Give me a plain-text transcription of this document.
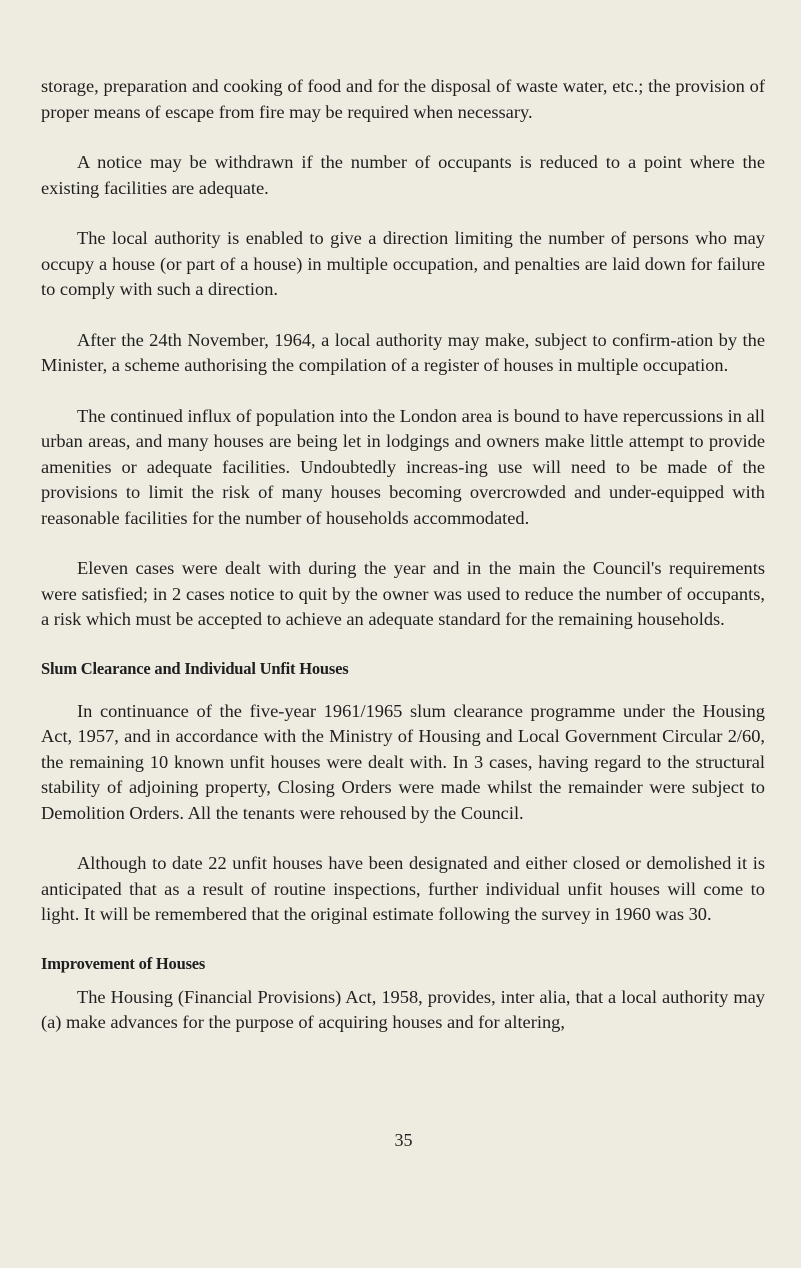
storage, preparation and cooking of food and for the disposal of waste water, etc.; the provision of proper means of escape from fire may be required when necessary.

A notice may be withdrawn if the number of occupants is reduced to a point where the existing facilities are adequate.

The local authority is enabled to give a direction limiting the number of persons who may occupy a house (or part of a house) in multiple occupation, and penalties are laid down for failure to comply with such a direction.

After the 24th November, 1964, a local authority may make, subject to confirm-ation by the Minister, a scheme authorising the compilation of a register of houses in multiple occupation.

The continued influx of population into the London area is bound to have repercussions in all urban areas, and many houses are being let in lodgings and owners make little attempt to provide amenities or adequate facilities. Undoubtedly increas-ing use will need to be made of the provisions to limit the risk of many houses becoming overcrowded and under-equipped with reasonable facilities for the number of households accommodated.

Eleven cases were dealt with during the year and in the main the Council's requirements were satisfied; in 2 cases notice to quit by the owner was used to reduce the number of occupants, a risk which must be accepted to achieve an adequate standard for the remaining households.

Slum Clearance and Individual Unfit Houses

In continuance of the five-year 1961/1965 slum clearance programme under the Housing Act, 1957, and in accordance with the Ministry of Housing and Local Government Circular 2/60, the remaining 10 known unfit houses were dealt with. In 3 cases, having regard to the structural stability of adjoining property, Closing Orders were made whilst the remainder were subject to Demolition Orders. All the tenants were rehoused by the Council.

Although to date 22 unfit houses have been designated and either closed or demolished it is anticipated that as a result of routine inspections, further individual unfit houses will come to light. It will be remembered that the original estimate following the survey in 1960 was 30.

Improvement of Houses

The Housing (Financial Provisions) Act, 1958, provides, inter alia, that a local authority may (a) make advances for the purpose of acquiring houses and for altering,

35
